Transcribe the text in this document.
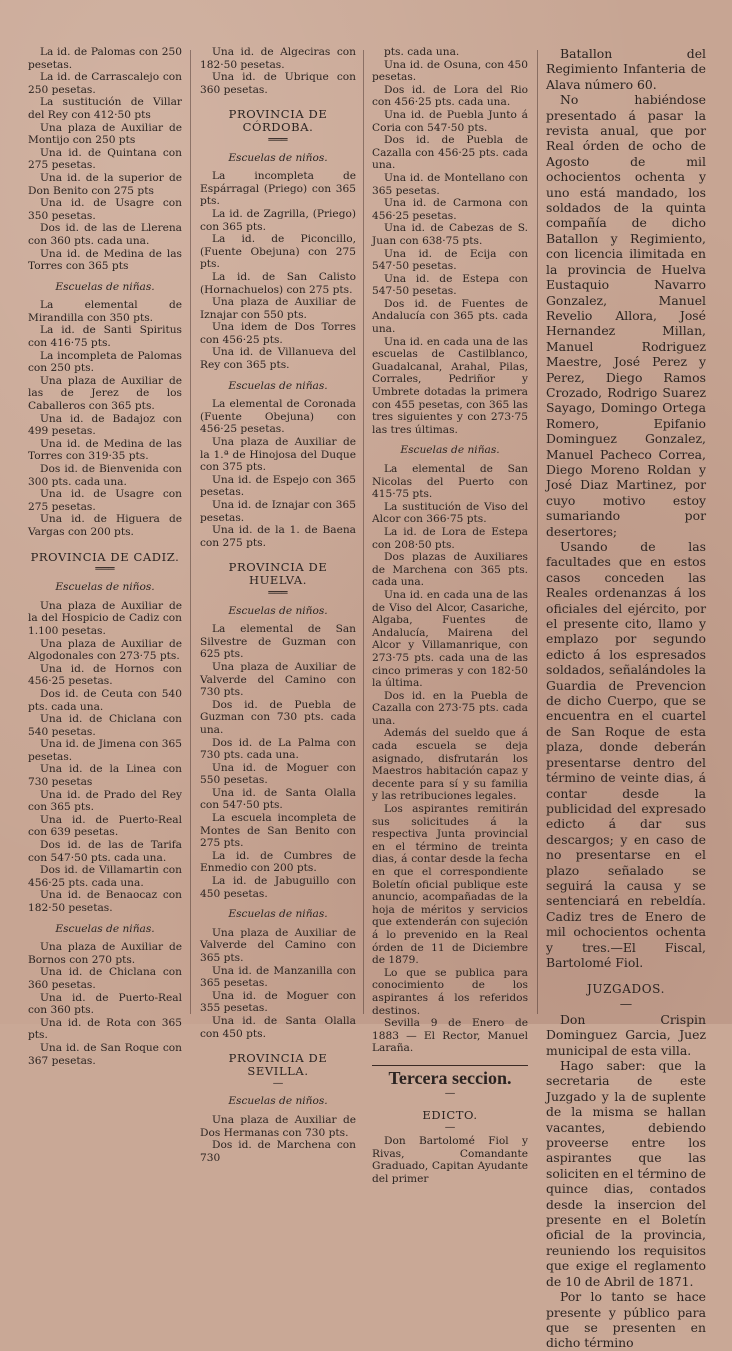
La id. de Palomas con 250 pesetas.

La id. de Carrascalejo con 250 pesetas.

La sustitución de Villar del Rey con 412·50 pts

Una plaza de Auxiliar de Montijo con 250 pts

Una id. de Quintana con 275 pesetas.

Una id. de la superior de Don Benito con 275 pts

Una id. de Usagre con 350 pesetas.

Dos id. de las de Llerena con 360 pts. cada una.

Una id. de Medina de las Torres con 365 pts

Escuelas de niñas.

La elemental de Mirandilla con 350 pts.

La id. de Santi Spiritus con 416·75 pts.

La incompleta de Palomas con 250 pts.

Una plaza de Auxiliar de las de Jerez de los Caballeros con 365 pts.

Una id. de Badajoz con 499 pesetas.

Una id. de Medina de las Torres con 319·35 pts.

Dos id. de Bienvenida con 300 pts. cada una.

Una id. de Usagre con 275 pesetas.

Una id. de Higuera de Vargas con 200 pts.

PROVINCIA DE CADIZ.

═══

Escuelas de niños.

Una plaza de Auxiliar de la del Hospicio de Cadiz con 1.100 pesetas.

Una plaza de Auxiliar de Algodonales con 273·75 pts.

Una id. de Hornos con 456·25 pesetas.

Dos id. de Ceuta con 540 pts. cada una.

Una id. de Chiclana con 540 pesetas.

Una id. de Jimena con 365 pesetas.

Una id. de la Linea con 730 pesetas

Una id. de Prado del Rey con 365 pts.

Una id. de Puerto-Real con 639 pesetas.

Dos id. de las de Tarifa con 547·50 pts. cada una.

Dos id. de Villamartin con 456·25 pts. cada una.

Una id. de Benaocaz con 182·50 pesetas.

Escuelas de niñas.

Una plaza de Auxiliar de Bornos con 270 pts.

Una id. de Chiclana con 360 pesetas.

Una id. de Puerto-Real con 360 pts.

Una id. de Rota con 365 pts.

Una id. de San Roque con 367 pesetas.

Una id. de Algeciras con 182·50 pesetas.

Una id. de Ubrique con 360 pesetas.

PROVINCIA DE CÓRDOBA.

═══

Escuelas de niños.

La incompleta de Espárragal (Priego) con 365 pts.

La id. de Zagrilla, (Priego) con 365 pts.

La id. de Piconcillo, (Fuente Obejuna) con 275 pts.

La id. de San Calisto (Hornachuelos) con 275 pts.

Una plaza de Auxiliar de Iznajar con 550 pts.

Una idem de Dos Torres con 456·25 pts.

Una id. de Villanueva del Rey con 365 pts.

Escuelas de niñas.

La elemental de Coronada (Fuente Obejuna) con 456·25 pesetas.

Una plaza de Auxiliar de la 1.ª de Hinojosa del Duque con 375 pts.

Una id. de Espejo con 365 pesetas.

Una id. de Iznajar con 365 pesetas.

Una id. de la 1. de Baena con 275 pts.

PROVINCIA DE HUELVA.

═══

Escuelas de niños.

La elemental de San Silvestre de Guzman con 625 pts.

Una plaza de Auxiliar de Valverde del Camino con 730 pts.

Dos id. de Puebla de Guzman con 730 pts. cada una.

Dos id. de La Palma con 730 pts. cada una.

Una id. de Moguer con 550 pesetas.

Una id. de Santa Olalla con 547·50 pts.

La escuela incompleta de Montes de San Benito con 275 pts.

La id. de Cumbres de Enmedio con 200 pts.

La id. de Jabuguillo con 450 pesetas.

Escuelas de niñas.

Una plaza de Auxiliar de Valverde del Camino con 365 pts.

Una id. de Manzanilla con 365 pesetas.

Una id. de Moguer con 355 pesetas.

Una id. de Santa Olalla con 450 pts.

PROVINCIA DE SEVILLA.

—

Escuelas de niños.

Una plaza de Auxiliar de Dos Hermanas con 730 pts.

Dos id. de Marchena con 730

pts. cada una.

Una id. de Osuna, con 450 pesetas.

Dos id. de Lora del Rio con 456·25 pts. cada una.

Una id. de Puebla Junto á Coria con 547·50 pts.

Dos id. de Puebla de Cazalla con 456·25 pts. cada una.

Una id. de Montellano con 365 pesetas.

Una id. de Carmona con 456·25 pesetas.

Una id. de Cabezas de S. Juan con 638·75 pts.

Una id. de Ecija con 547·50 pesetas.

Una id. de Estepa con 547·50 pesetas.

Dos id. de Fuentes de Andalucía con 365 pts. cada una.

Una id. en cada una de las escuelas de Castilblanco, Guadalcanal, Arahal, Pilas, Corrales, Pedriñor y Umbrete dotadas la primera con 455 pesetas, con 365 las tres siguientes y con 273·75 las tres últimas.

Escuelas de niñas.

La elemental de San Nicolas del Puerto con 415·75 pts.

La sustitución de Viso del Alcor con 366·75 pts.

La id. de Lora de Estepa con 208·50 pts.

Dos plazas de Auxiliares de Marchena con 365 pts. cada una.

Una id. en cada una de las de Viso del Alcor, Casariche, Algaba, Fuentes de Andalucía, Mairena del Alcor y Villamanrique, con 273·75 pts. cada una de las cinco primeras y con 182·50 la última.

Dos id. en la Puebla de Cazalla con 273·75 pts. cada una.

Además del sueldo que á cada escuela se deja asignado, disfrutarán los Maestros habitación capaz y decente para sí y su familia y las retribuciones legales.

Los aspirantes remitirán sus solicitudes á la respectiva Junta provincial en el término de treinta dias, á contar desde la fecha en que el correspondiente Boletín oficial publique este anuncio, acompañadas de la hoja de méritos y servicios que extenderán con sujeción á lo prevenido en la Real órden de 11 de Diciembre de 1879.

Lo que se publica para conocimiento de los aspirantes á los referidos destinos.

Sevilla 9 de Enero de 1883 — El Rector, Manuel Laraña.

Tercera seccion.

—

EDICTO.

—

Don Bartolomé Fiol y Rivas, Comandante Graduado, Capitan Ayudante del primer

Batallon del Regimiento Infanteria de Alava número 60.

No habiéndose presentado á pasar la revista anual, que por Real órden de ocho de Agosto de mil ochocientos ochenta y uno está mandado, los soldados de la quinta compañía de dicho Batallon y Regimiento, con licencia ilimitada en la provincia de Huelva Eustaquio Navarro Gonzalez, Manuel Revelio Allora, José Hernandez Millan, Manuel Rodriguez Maestre, José Perez y Perez, Diego Ramos Crozado, Rodrigo Suarez Sayago, Domingo Ortega Romero, Epifanio Dominguez Gonzalez, Manuel Pacheco Correa, Diego Moreno Roldan y José Diaz Martinez, por cuyo motivo estoy sumariando por desertores;

Usando de las facultades que en estos casos conceden las Reales ordenanzas á los oficiales del ejército, por el presente cito, llamo y emplazo por segundo edicto á los espresados soldados, señalándoles la Guardia de Prevencion de dicho Cuerpo, que se encuentra en el cuartel de San Roque de esta plaza, donde deberán presentarse dentro del término de veinte dias, á contar desde la publicidad del expresado edicto á dar sus descargos; y en caso de no presentarse en el plazo señalado se seguirá la causa y se sentenciará en rebeldía. Cadiz tres de Enero de mil ochocientos ochenta y tres.—El Fiscal, Bartolomé Fiol.

JUZGADOS.

—

Don Crispin Dominguez Garcia, Juez municipal de esta villa.

Hago saber: que la secretaria de este Juzgado y la de suplente de la misma se hallan vacantes, debiendo proveerse entre los aspirantes que las soliciten en el término de quince dias, contados desde la insercion del presente en el Boletín oficial de la provincia, reuniendo los requisitos que exige el reglamento de 10 de Abril de 1871.

Por lo tanto se hace presente y público para que se presenten en dicho término
